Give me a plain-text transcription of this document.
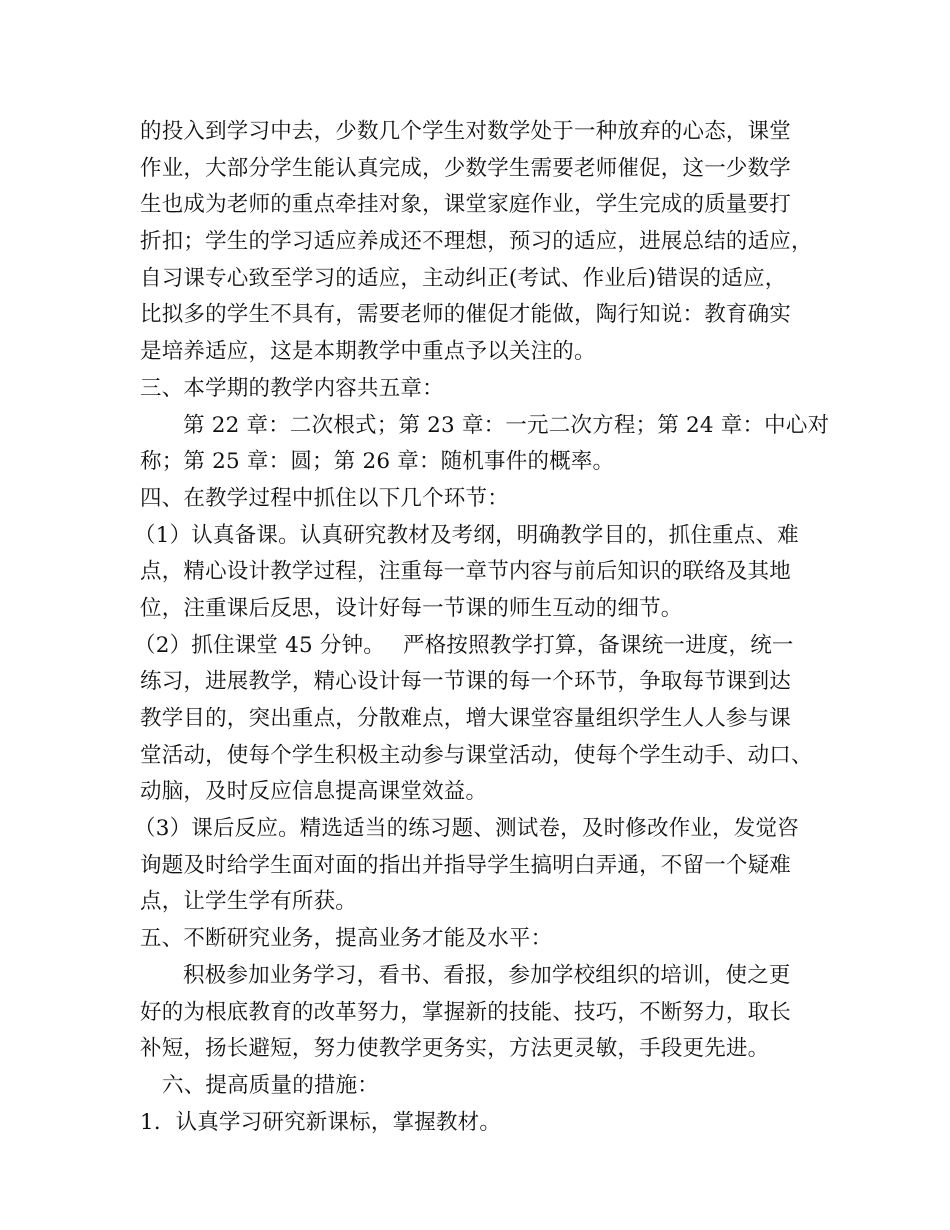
的投入到学习中去，少数几个学生对数学处于一种放弃的心态，课堂
作业，大部分学生能认真完成，少数学生需要老师催促，这一少数学
生也成为老师的重点牵挂对象，课堂家庭作业，学生完成的质量要打
折扣；学生的学习适应养成还不理想，预习的适应，进展总结的适应，
自习课专心致至学习的适应，主动纠正(考试、作业后)错误的适应，
比拟多的学生不具有，需要老师的催促才能做，陶行知说：教育确实
是培养适应，这是本期教学中重点予以关注的。
三、本学期的教学内容共五章：
第 22 章：二次根式；第 23 章：一元二次方程；第 24 章：中心对
称；第 25 章：圆；第 26 章：随机事件的概率。
四、在教学过程中抓住以下几个环节：
（1）认真备课。认真研究教材及考纲，明确教学目的，抓住重点、难
点，精心设计教学过程，注重每一章节内容与前后知识的联络及其地
位，注重课后反思，设计好每一节课的师生互动的细节。
（2）抓住课堂 45 分钟。　 严格按照教学打算，备课统一进度，统一
练习，进展教学，精心设计每一节课的每一个环节，争取每节课到达
教学目的，突出重点，分散难点，增大课堂容量组织学生人人参与课
堂活动，使每个学生积极主动参与课堂活动，使每个学生动手、动口、
动脑，及时反应信息提高课堂效益。
（3）课后反应。精选适当的练习题、测试卷，及时修改作业，发觉咨
询题及时给学生面对面的指出并指导学生搞明白弄通，不留一个疑难
点，让学生学有所获。
五、不断研究业务，提高业务才能及水平：
积极参加业务学习，看书、看报，参加学校组织的培训，使之更
好的为根底教育的改革努力，掌握新的技能、技巧，不断努力，取长
补短，扬长避短，努力使教学更务实，方法更灵敏，手段更先进。
六、提高质量的措施：
1．认真学习研究新课标，掌握教材。
